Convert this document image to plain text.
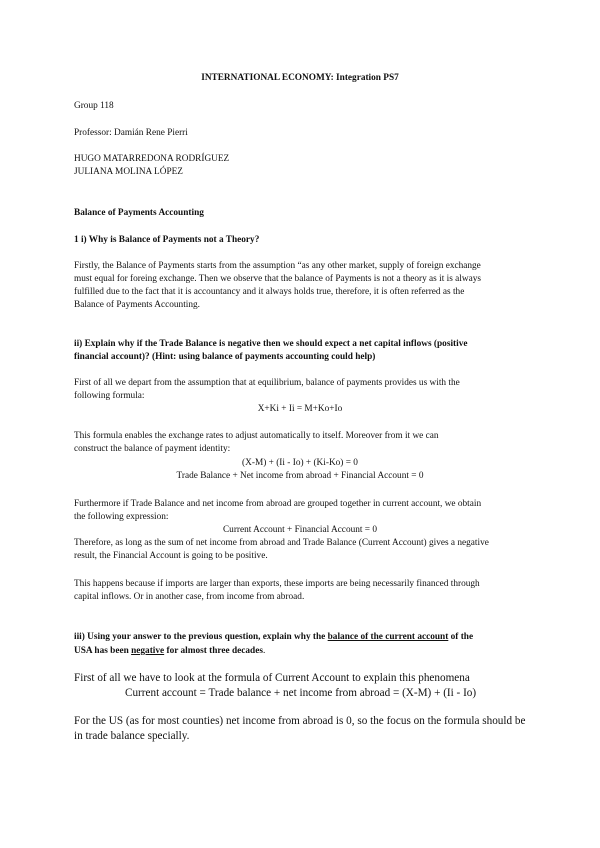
INTERNATIONAL ECONOMY: Integration PS7
Group 118
Professor: Damián Rene Pierri
HUGO MATARREDONA RODRÍGUEZ
JULIANA MOLINA LÓPEZ
Balance of Payments Accounting
1 i) Why is Balance of Payments not a Theory?
Firstly, the Balance of Payments starts from the assumption “as any other market, supply of foreign exchange
must equal for foreing exchange. Then we observe that the balance of Payments is not a theory as it is always
fulfilled due to the fact that it is accountancy and it always holds true, therefore, it is often referred as the
Balance of Payments Accounting.
ii) Explain why if the Trade Balance is negative then we should expect a net capital inflows (positive
financial account)? (Hint: using balance of payments accounting could help)
First of all we depart from the assumption that at equilibrium, balance of payments provides us with the
following formula:
X+Ki + Ii = M+Ko+Io
This formula enables the exchange rates to adjust automatically to itself. Moreover from it we can
construct the balance of payment identity:
(X-M) + (Ii - Io) + (Ki-Ko) = 0
Trade Balance + Net income from abroad + Financial Account = 0
Furthermore if Trade Balance and net income from abroad are grouped together in current account, we obtain
the following expression:
Current Account + Financial Account = 0
Therefore, as long as the sum of net income from abroad and Trade Balance (Current Account) gives a negative
result, the Financial Account is going to be positive.
This happens because if imports are larger than exports, these imports are being necessarily financed through
capital inflows. Or in another case, from income from abroad.
iii) Using your answer to the previous question, explain why the balance of the current account of the
USA has been negative for almost three decades.
First of all we have to look at the formula of Current Account to explain this phenomena
Current account = Trade balance + net income from abroad = (X-M) + (Ii - Io)
For the US (as for most counties) net income from abroad is 0, so the focus on the formula should be
in trade balance specially.
